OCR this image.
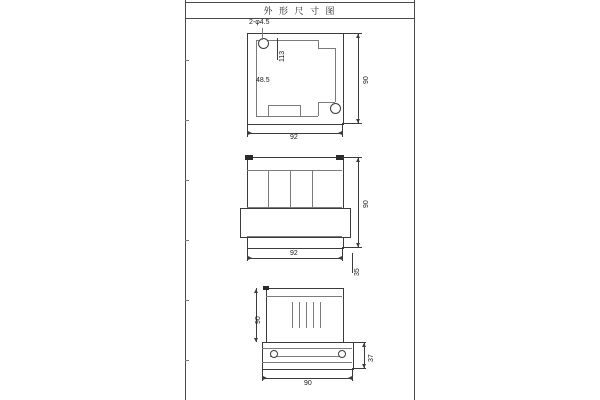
外 形 尺 寸 图
2-φ4.5
113
48.5	90
92
90
92
35
90
37
90
